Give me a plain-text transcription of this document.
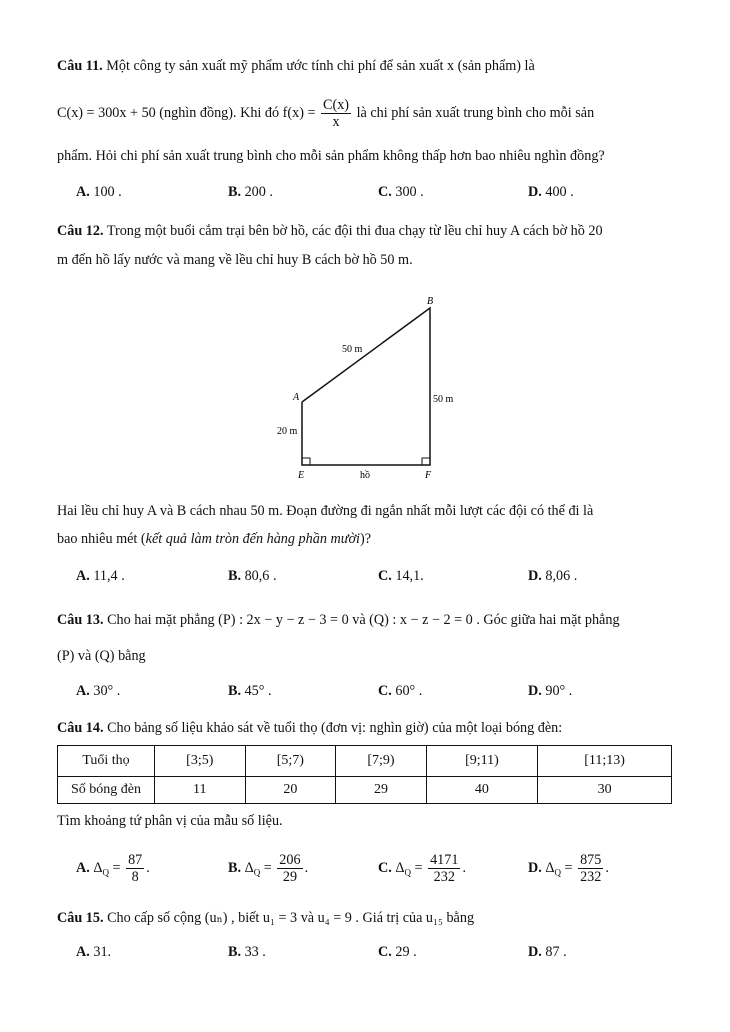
Câu 11. Một công ty sản xuất mỹ phẩm ước tính chi phí để sản xuất x (sản phẩm) là
C(x) = 300x + 50 (nghìn đồng). Khi đó $f(x) = \frac{C(x)}{x}$ là chi phí sản xuất trung bình cho mỗi sản
phẩm. Hỏi chi phí sản xuất trung bình cho mỗi sản phẩm không thấp hơn bao nhiêu nghìn đồng?
A. 100 .	B. 200 .	C. 300 .	D. 400 .
Câu 12. Trong một buổi cắm trại bên bờ hồ, các đội thi đua chạy từ lều chỉ huy A cách bờ hồ 20
m đến hồ lấy nước và mang về lều chỉ huy B cách bờ hồ 50 m.
B
A
E	F
50 m
50 m
20 m
hồ
Hai lều chỉ huy A và B cách nhau 50 m. Đoạn đường đi ngắn nhất mỗi lượt các đội có thể đi là
bao nhiêu mét (kết quả làm tròn đến hàng phần mười)?
A. 11,4 .	B. 80,6 .	C. 14,1.	D. 8,06 .
Câu 13. Cho hai mặt phẳng (P) : 2x − y − z − 3 = 0 và (Q) : x − z − 2 = 0 . Góc giữa hai mặt phẳng
(P) và (Q) bằng
A. 30° .	B. 45° .	C. 60° .	D. 90° .
Câu 14. Cho bảng số liệu khảo sát về tuổi thọ (đơn vị: nghìn giờ) của một loại bóng đèn:
Tuổi thọ	[3;5)	[5;7)	[7;9)	[9;11)	[11;13)
Số bóng đèn	11	20	29	40	30
Tìm khoảng tứ phân vị của mẫu số liệu.
A. $\Delta_Q = \frac{87}{8}$ .	B. $\Delta_Q = \frac{206}{29}$ .	C. $\Delta_Q = \frac{4171}{232}$ .	D. $\Delta_Q = \frac{875}{232}$ .
Câu 15. Cho cấp số cộng (uₙ) , biết u₁ = 3 và u₄ = 9 . Giá trị của u₁₅ bằng
A. 31.	B. 33 .	C. 29 .	D. 87 .
